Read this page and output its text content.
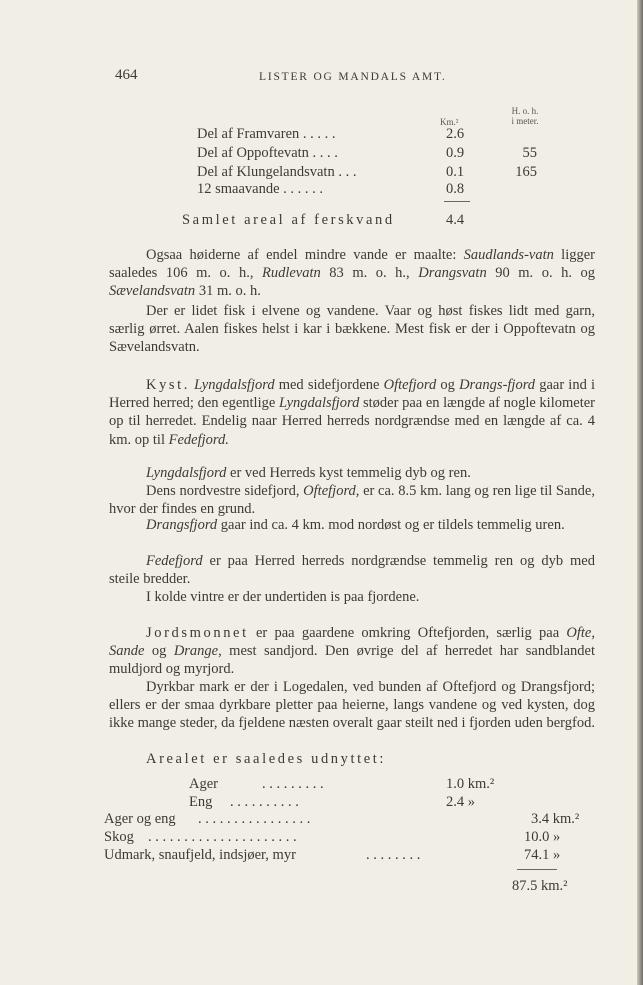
464	LISTER OG MANDALS AMT.
Km.²
H. o. h.
i meter.
Del af Framvaren . . . . .	2.6
Del af Oppoftevatn . . . .	0.9	55
Del af Klungelandsvatn . . .	0.1	165
12 smaavande . . . . . .	0.8
Samlet areal af ferskvand	4.4
Ogsaa høiderne af endel mindre vande er maalte: Saudlands-vatn ligger saaledes 106 m. o. h., Rudlevatn 83 m. o. h., Drangsvatn 90 m. o. h. og Sævelandsvatn 31 m. o. h.
Der er lidet fisk i elvene og vandene. Vaar og høst fiskes lidt med garn, særlig ørret. Aalen fiskes helst i kar i bækkene. Mest fisk er der i Oppoftevatn og Sævelandsvatn.
Kyst. Lyngdalsfjord med sidefjordene Oftefjord og Drangs-fjord gaar ind i Herred herred; den egentlige Lyngdalsfjord støder paa en længde af nogle kilometer op til herredet. Endelig naar Herred herreds nordgrændse med en længde af ca. 4 km. op til Fedefjord.
Lyngdalsfjord er ved Herreds kyst temmelig dyb og ren.
Dens nordvestre sidefjord, Oftefjord, er ca. 8.5 km. lang og ren lige til Sande, hvor der findes en grund.
Drangsfjord gaar ind ca. 4 km. mod nordøst og er tildels temmelig uren.
Fedefjord er paa Herred herreds nordgrændse temmelig ren og dyb med steile bredder.
I kolde vintre er der undertiden is paa fjordene.
Jordsmonnet er paa gaardene omkring Oftefjorden, særlig paa Ofte, Sande og Drange, mest sandjord. Den øvrige del af herredet har sandblandet muldjord og myrjord.
Dyrkbar mark er der i Logedalen, ved bunden af Oftefjord og Drangsfjord; ellers er der smaa dyrkbare pletter paa heierne, langs vandene og ved kysten, dog ikke mange steder, da fjeldene næsten overalt gaar steilt ned i fjorden uden bergfod.
Arealet er saaledes udnyttet:
Ager	. . . . . . . . .	1.0 km.²
Eng . . . . . . . . . .	2.4 »
Ager og eng . . . . . . . . . . . . . . . .	3.4 km.²
Skog . . . . . . . . . . . . . . . . . . . . .	10.0 »
Udmark, snaufjeld, indsjøer, myr	. . . . . . . .	74.1 »
87.5 km.²
